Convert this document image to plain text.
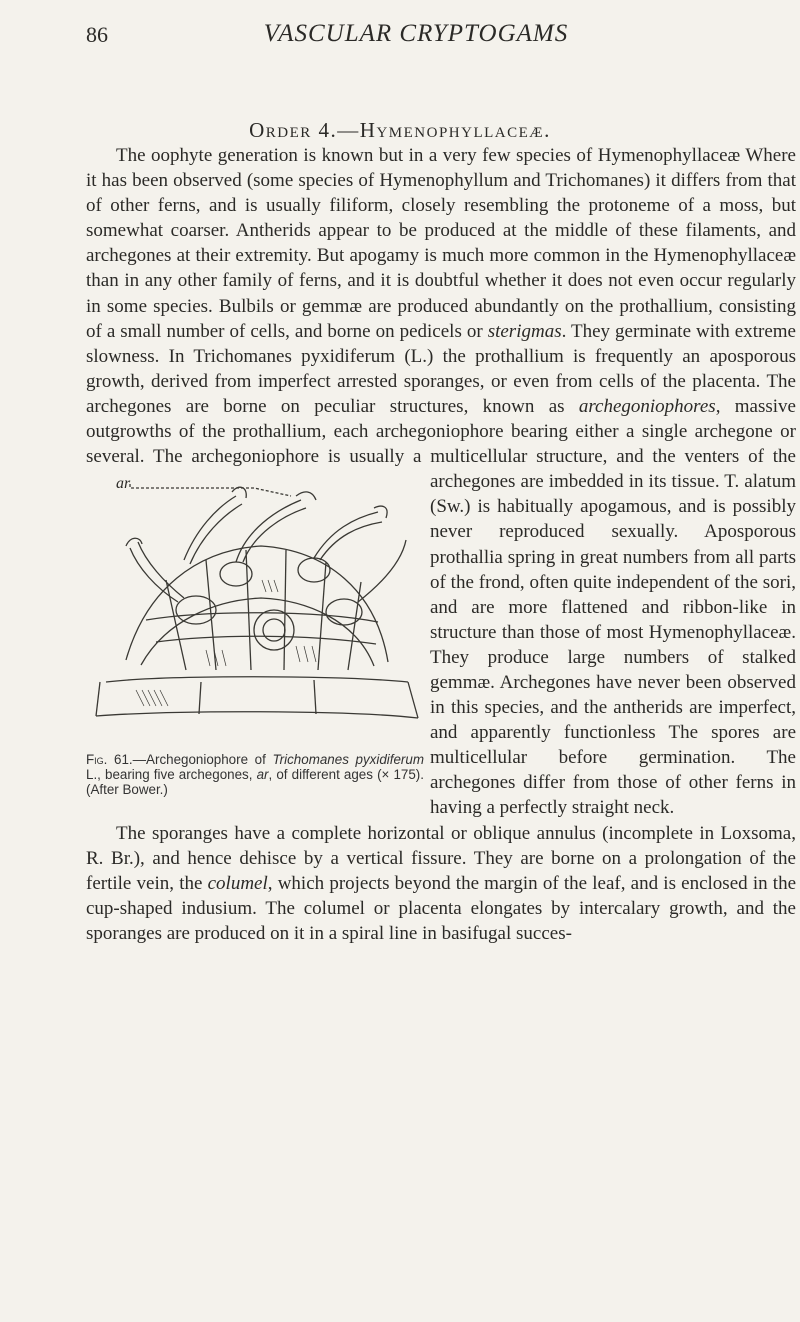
86	VASCULAR CRYPTOGAMS
Order 4.—Hymenophyllaceæ.

The oophyte generation is known but in a very few species of Hymenophyllaceæ Where it has been observed (some species of Hymenophyllum and Trichomanes) it differs from that of other ferns, and is usually filiform, closely resembling the protoneme of a moss, but somewhat coarser. Antherids appear to be produced at the middle of these filaments, and archegones at their extremity. But apogamy is much more common in the Hymenophyllaceæ than in any other family of ferns, and it is doubtful whether it does not even occur regularly in some species. Bulbils or gemmæ are produced abundantly on the prothallium, consisting of a small number of cells, and borne on pedicels or sterigmas. They germinate with extreme slowness. In Trichomanes pyxidiferum (L.) the prothallium is frequently an aposporous growth, derived from imperfect arrested sporanges, or even from cells of the placenta. The archegones are borne on peculiar structures, known as archegoniophores, massive outgrowths of the prothallium, each archegoniophore bearing either a single archegone or several. The archegoniophore is usually a multicellular structure, and the venters of the archegones are imbedded in its tissue. T. alatum (Sw.) is habitually apogamous, and is possibly never reproduced sexually. Aposporous prothallia spring in great numbers from all parts of the frond, often quite independent of the sori, and are more flattened and ribbon-like in structure than those of most Hymenophyllaceæ. They produce large numbers of stalked gemmæ. Archegones have never been observed in this species, and the antherids are imperfect, and apparently functionless The spores are multicellular before germination. The archegones differ from those of other ferns in having a perfectly straight neck.

The sporanges have a complete horizontal or oblique annulus (incomplete in Loxsoma, R. Br.), and hence dehisce by a vertical fissure. They are borne on a prolongation of the fertile vein, the columel, which projects beyond the margin of the leaf, and is enclosed in the cup-shaped indusium. The columel or placenta elongates by intercalary growth, and the sporanges are produced on it in a spiral line in basifugal succes-

ar
Fig. 61.—Archegoniophore of Trichomanes pyxidiferum L., bearing five archegones, ar, of different ages (× 175). (After Bower.)
